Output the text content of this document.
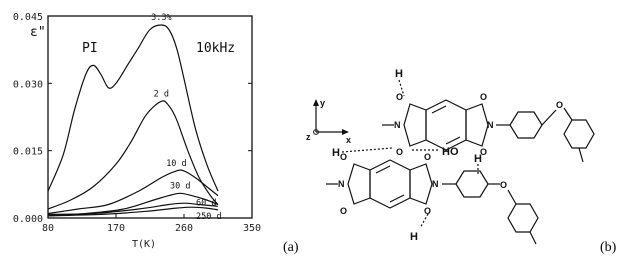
0.000
0.015
0.030
0.045
80	170	260	350
3.3%
2 d
10 d
30 d
60 d
250 d
ε"
PI	10kHz
T(K)	(a)	(b)
y
x
z
H
N
O
O
O
O
N
O
H	HO
H
N
O
O
O
O
N	O
H
